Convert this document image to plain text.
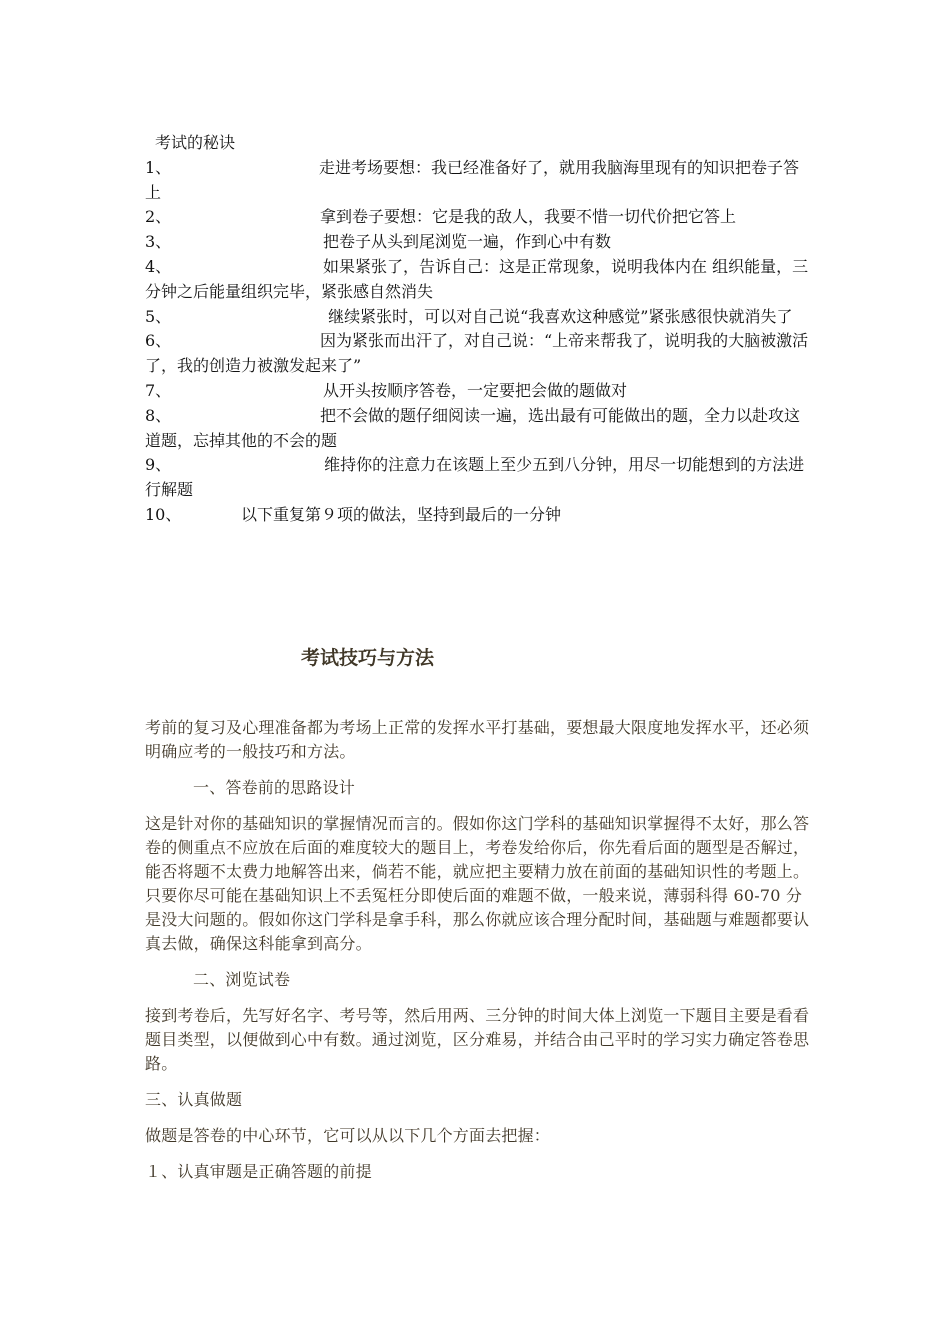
考试的秘诀
1、	走进考场要想：我已经准备好了，就用我脑海里现有的知识把卷子答上
2、	拿到卷子要想：它是我的敌人，我要不惜一切代价把它答上
3、	把卷子从头到尾浏览一遍，作到心中有数
4、	如果紧张了，告诉自己：这是正常现象，说明我体内在 组织能量，三分钟之后能量组织完毕，紧张感自然消失
5、	继续紧张时，可以对自己说“我喜欢这种感觉”紧张感很快就消失了
6、	因为紧张而出汗了，对自己说：“上帝来帮我了，说明我的大脑被激活了，我的创造力被激发起来了”
7、	从开头按顺序答卷，一定要把会做的题做对
8、	把不会做的题仔细阅读一遍，选出最有可能做出的题，全力以赴攻这道题，忘掉其他的不会的题
9、	维持你的注意力在该题上至少五到八分钟，用尽一切能想到的方法进行解题
10、	以下重复第９项的做法，坚持到最后的一分钟
考试技巧与方法

考前的复习及心理准备都为考场上正常的发挥水平打基础，要想最大限度地发挥水平，还必须明确应考的一般技巧和方法。

一、答卷前的思路设计

这是针对你的基础知识的掌握情况而言的。假如你这门学科的基础知识掌握得不太好，那么答卷的侧重点不应放在后面的难度较大的题目上，考卷发给你后，你先看后面的题型是否解过，能否将题不太费力地解答出来，倘若不能，就应把主要精力放在前面的基础知识性的考题上。只要你尽可能在基础知识上不丢冤枉分即使后面的难题不做，一般来说，薄弱科得 60-70 分是没大问题的。假如你这门学科是拿手科，那么你就应该合理分配时间，基础题与难题都要认真去做，确保这科能拿到高分。

二、浏览试卷

接到考卷后，先写好名字、考号等，然后用两、三分钟的时间大体上浏览一下题目主要是看看题目类型，以便做到心中有数。通过浏览，区分难易，并结合由己平时的学习实力确定答卷思路。

三、认真做题

做题是答卷的中心环节，它可以从以下几个方面去把握：

１、认真审题是正确答题的前提
